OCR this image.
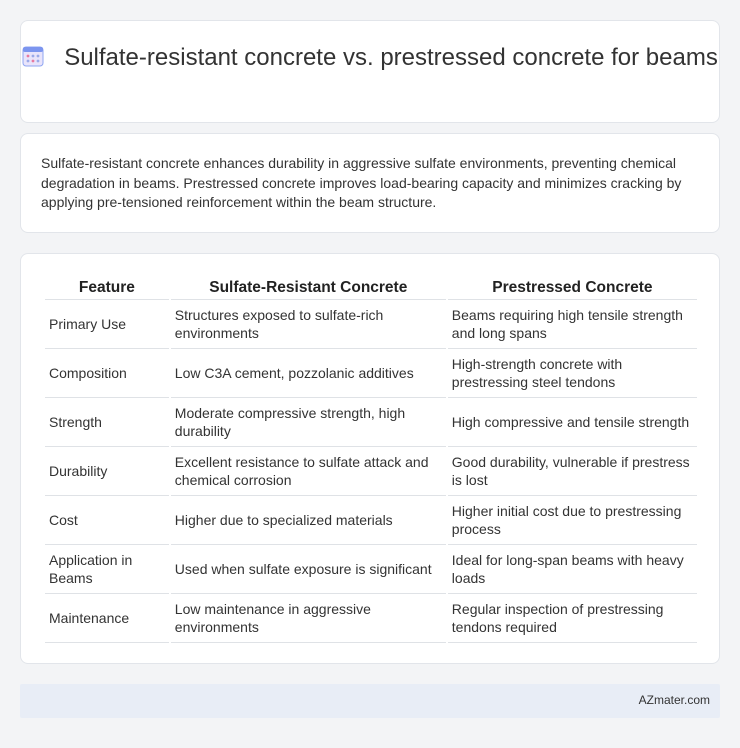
Sulfate-resistant concrete vs. prestressed concrete for beams

Sulfate-resistant concrete enhances durability in aggressive sulfate environments, preventing chemical degradation in beams. Prestressed concrete improves load-bearing capacity and minimizes cracking by applying pre-tensioned reinforcement within the beam structure.

Feature	Sulfate-Resistant Concrete	Prestressed Concrete
Primary Use	Structures exposed to sulfate-rich environments	Beams requiring high tensile strength and long spans
Composition	Low C3A cement, pozzolanic additives	High-strength concrete with prestressing steel tendons
Strength	Moderate compressive strength, high durability	High compressive and tensile strength
Durability	Excellent resistance to sulfate attack and chemical corrosion	Good durability, vulnerable if prestress is lost
Cost	Higher due to specialized materials	Higher initial cost due to prestressing process
Application in Beams	Used when sulfate exposure is significant	Ideal for long-span beams with heavy loads
Maintenance	Low maintenance in aggressive environments	Regular inspection of prestressing tendons required
AZmater.com
